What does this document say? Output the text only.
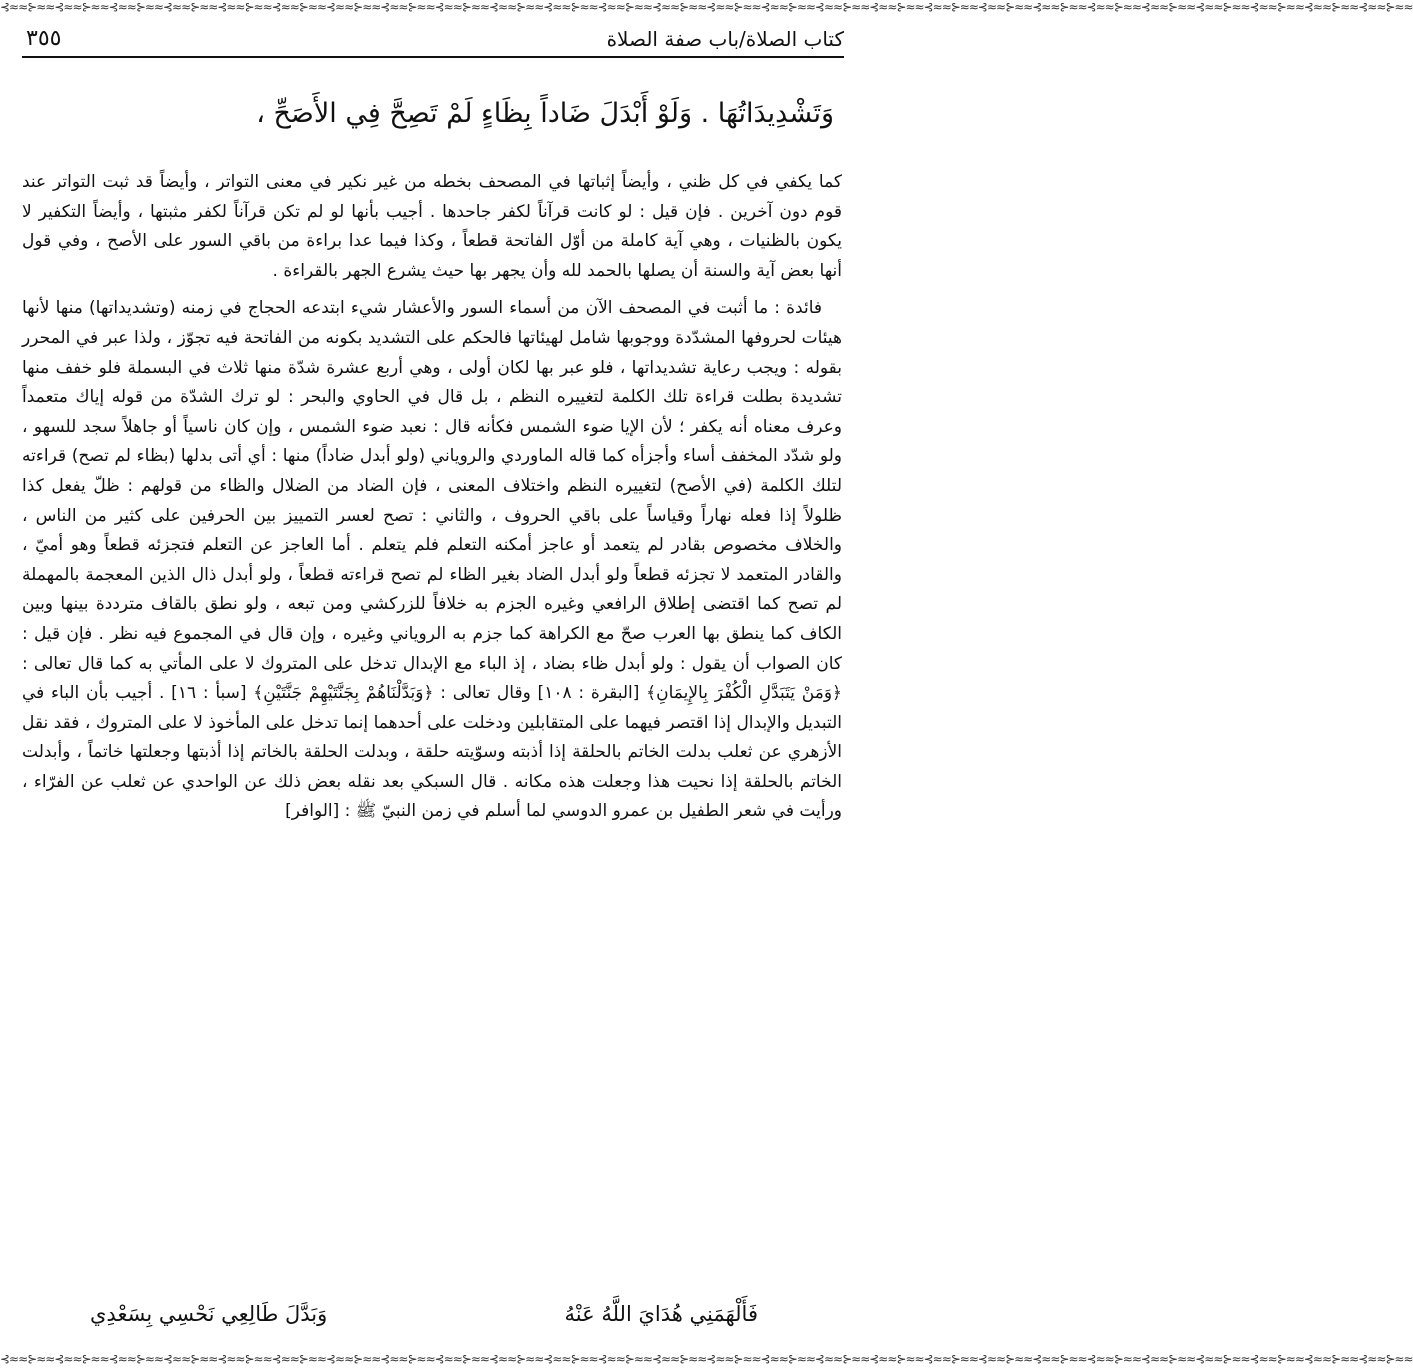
⊰≈≈⊱≈≈⊰≈≈⊱≈≈⊰≈≈⊱≈≈⊰≈≈⊱≈≈⊰≈≈⊱≈≈⊰≈≈⊱≈≈⊰≈≈⊱≈≈⊰≈≈⊱≈≈⊰≈≈⊱≈≈⊰≈≈⊱≈≈⊰≈≈⊱≈≈⊰≈≈⊱≈≈⊰≈≈⊱≈≈⊰≈≈⊱≈≈⊰≈≈⊱≈≈⊰≈≈⊱≈≈⊰≈≈⊱≈≈⊰≈≈⊱≈≈⊰≈≈⊱≈≈⊰≈≈⊱≈≈⊰≈≈⊱≈≈⊰≈≈⊱≈≈⊰≈≈⊱≈≈⊰≈≈⊱≈≈⊰≈≈⊱≈≈⊰≈≈⊱≈≈
٣٥٥	كتاب الصلاة/باب صفة الصلاة
وَتَشْدِيدَاتُهَا . وَلَوْ أَبْدَلَ ضَاداً بِظَاءٍ لَمْ تَصِحَّ فِي الأَصَحِّ ،

كما يكفي في كل ظني ، وأيضاً إثباتها في المصحف بخطه من غير نكير في معنى التواتر ، وأيضاً قد ثبت التواتر عند قوم دون آخرين . فإن قيل : لو كانت قرآناً لكفر جاحدها . أجيب بأنها لو لم تكن قرآناً لكفر مثبتها ، وأيضاً التكفير لا يكون بالظنيات ، وهي آية كاملة من أوّل الفاتحة قطعاً ، وكذا فيما عدا براءة من باقي السور على الأصح ، وفي قول أنها بعض آية والسنة أن يصلها بالحمد لله وأن يجهر بها حيث يشرع الجهر بالقراءة .

فائدة : ما أثبت في المصحف الآن من أسماء السور والأعشار شيء ابتدعه الحجاج في زمنه (وتشديداتها) منها لأنها هيئات لحروفها المشدّدة ووجوبها شامل لهيئاتها فالحكم على التشديد بكونه من الفاتحة فيه تجوّز ، ولذا عبر في المحرر بقوله : ويجب رعاية تشديداتها ، فلو عبر بها لكان أولى ، وهي أربع عشرة شدّة منها ثلاث في البسملة فلو خفف منها تشديدة بطلت قراءة تلك الكلمة لتغييره النظم ، بل قال في الحاوي والبحر : لو ترك الشدّة من قوله إياك متعمداً وعرف معناه أنه يكفر ؛ لأن الإيا ضوء الشمس فكأنه قال : نعبد ضوء الشمس ، وإن كان ناسياً أو جاهلاً سجد للسهو ، ولو شدّد المخفف أساء وأجزأه كما قاله الماوردي والروياني (ولو أبدل ضاداً) منها : أي أتى بدلها (بظاء لم تصح) قراءته لتلك الكلمة (في الأصح) لتغييره النظم واختلاف المعنى ، فإن الضاد من الضلال والظاء من قولهم : ظلّ يفعل كذا ظلولاً إذا فعله نهاراً وقياساً على باقي الحروف ، والثاني : تصح لعسر التمييز بين الحرفين على كثير من الناس ، والخلاف مخصوص بقادر لم يتعمد أو عاجز أمكنه التعلم فلم يتعلم . أما العاجز عن التعلم فتجزئه قطعاً وهو أميّ ، والقادر المتعمد لا تجزئه قطعاً ولو أبدل الضاد بغير الظاء لم تصح قراءته قطعاً ، ولو أبدل ذال الذين المعجمة بالمهملة لم تصح كما اقتضى إطلاق الرافعي وغيره الجزم به خلافاً للزركشي ومن تبعه ، ولو نطق بالقاف مترددة بينها وبين الكاف كما ينطق بها العرب صحّ مع الكراهة كما جزم به الروياني وغيره ، وإن قال في المجموع فيه نظر . فإن قيل : كان الصواب أن يقول : ولو أبدل ظاء بضاد ، إذ الباء مع الإبدال تدخل على المتروك لا على المأتي به كما قال تعالى : ﴿وَمَنْ يَتَبَدَّلِ الْكُفْرَ بِالإِيمَانِ﴾ [البقرة : ١٠٨] وقال تعالى : ﴿وَبَدَّلْنَاهُمْ بِجَنَّتَيْهِمْ جَنَّتَيْنِ﴾ [سبأ : ١٦] . أجيب بأن الباء في التبديل والإبدال إذا اقتصر فيهما على المتقابلين ودخلت على أحدهما إنما تدخل على المأخوذ لا على المتروك ، فقد نقل الأزهري عن ثعلب بدلت الخاتم بالحلقة إذا أذبته وسوّيته حلقة ، وبدلت الحلقة بالخاتم إذا أذبتها وجعلتها خاتماً ، وأبدلت الخاتم بالحلقة إذا نحيت هذا وجعلت هذه مكانه . قال السبكي بعد نقله بعض ذلك عن الواحدي عن ثعلب عن الفرّاء ، ورأيت في شعر الطفيل بن عمرو الدوسي لما أسلم في زمن النبيّ ﷺ : [الوافر]

فَأَلْهَمَنِي هُدَايَ اللَّهُ عَنْهُ
وَبَدَّلَ طَالِعِي نَحْسِي بِسَعْدِي
⊰≈≈⊱≈≈⊰≈≈⊱≈≈⊰≈≈⊱≈≈⊰≈≈⊱≈≈⊰≈≈⊱≈≈⊰≈≈⊱≈≈⊰≈≈⊱≈≈⊰≈≈⊱≈≈⊰≈≈⊱≈≈⊰≈≈⊱≈≈⊰≈≈⊱≈≈⊰≈≈⊱≈≈⊰≈≈⊱≈≈⊰≈≈⊱≈≈⊰≈≈⊱≈≈⊰≈≈⊱≈≈⊰≈≈⊱≈≈⊰≈≈⊱≈≈⊰≈≈⊱≈≈⊰≈≈⊱≈≈⊰≈≈⊱≈≈⊰≈≈⊱≈≈⊰≈≈⊱≈≈⊰≈≈⊱≈≈⊰≈≈⊱≈≈⊰≈≈⊱≈≈
